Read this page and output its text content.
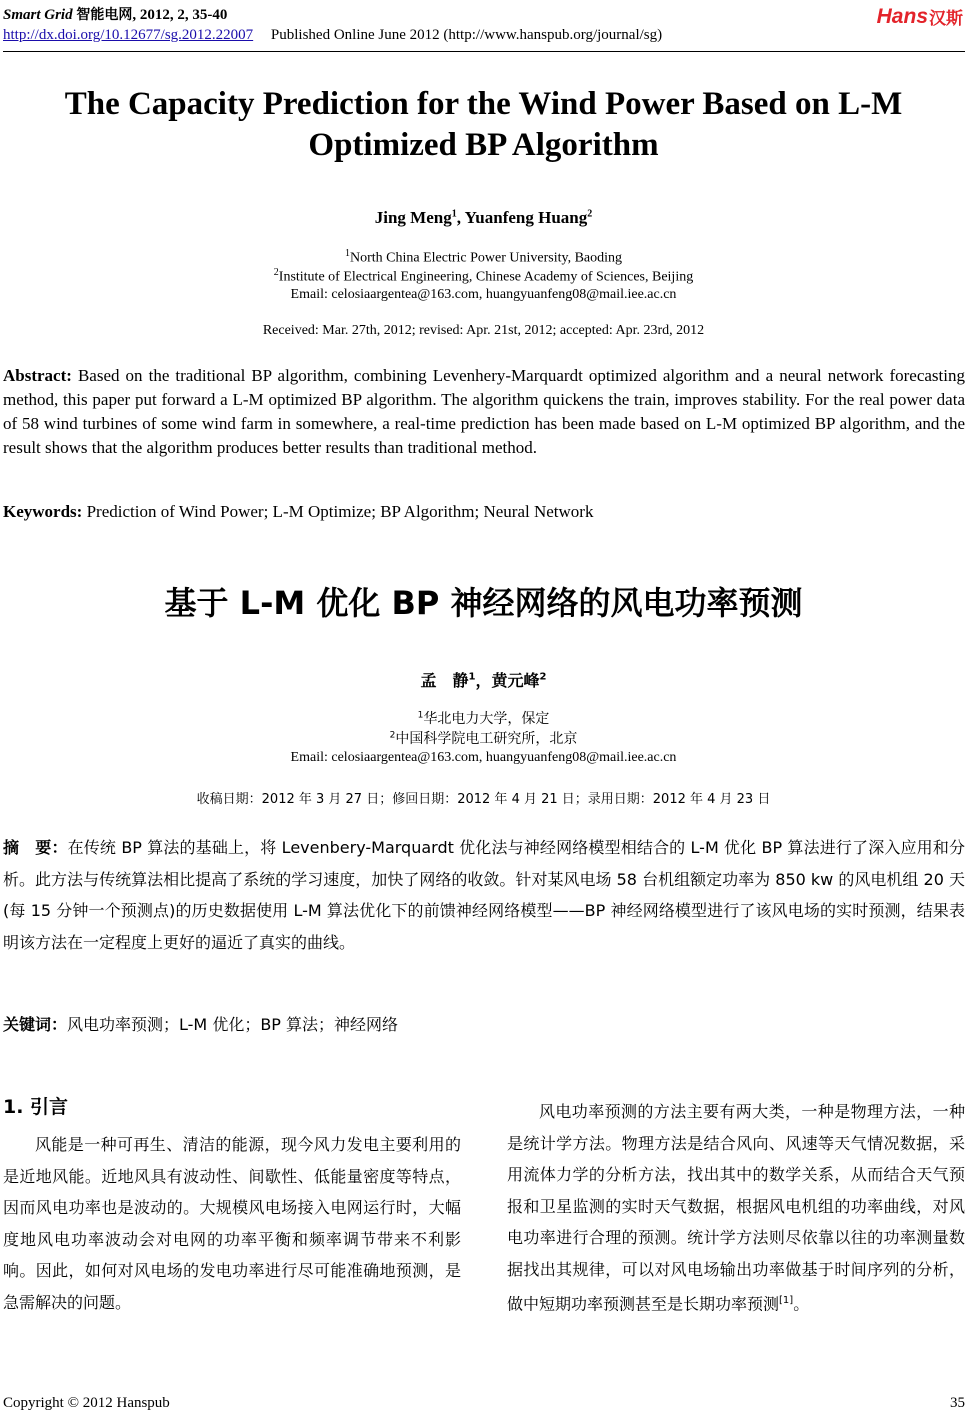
Smart Grid 智能电网, 2012, 2, 35-40
http://dx.doi.org/10.12677/sg.2012.22007 Published Online June 2012 (http://www.hanspub.org/journal/sg)
Hans 汉斯
The Capacity Prediction for the Wind Power Based on L-M Optimized BP Algorithm
Jing Meng$^1$, Yuanfeng Huang$^2$
$^1$North China Electric Power University, Baoding
$^2$Institute of Electrical Engineering, Chinese Academy of Sciences, Beijing
Email: celosiaargentea@163.com, huangyuanfeng08@mail.iee.ac.cn
Received: Mar. 27th, 2012; revised: Apr. 21st, 2012; accepted: Apr. 23rd, 2012
Abstract: Based on the traditional BP algorithm, combining Levenhery-Marquardt optimized algorithm and a neural network forecasting method, this paper put forward a L-M optimized BP algorithm. The algorithm quickens the train, improves stability. For the real power data of 58 wind turbines of some wind farm in somewhere, a real-time prediction has been made based on L-M optimized BP algorithm, and the result shows that the algorithm produces better results than traditional method.
Keywords: Prediction of Wind Power; L-M Optimize; BP Algorithm; Neural Network
基于 L-M 优化 BP 神经网络的风电功率预测
孟　静$^1$，黄元峰$^2$
$^1$华北电力大学，保定
$^2$中国科学院电工研究所，北京
Email: celosiaargentea@163.com, huangyuanfeng08@mail.iee.ac.cn
收稿日期：2012 年 3 月 27 日；修回日期：2012 年 4 月 21 日；录用日期：2012 年 4 月 23 日
摘　要：在传统 BP 算法的基础上，将 Levenbery-Marquardt 优化法与神经网络模型相结合的 L-M 优化 BP 算法进行了深入应用和分析。此方法与传统算法相比提高了系统的学习速度，加快了网络的收敛。针对某风电场 58 台机组额定功率为 850 kw 的风电机组 20 天(每 15 分钟一个预测点)的历史数据使用 L-M 算法优化下的前馈神经网络模型——BP 神经网络模型进行了该风电场的实时预测，结果表明该方法在一定程度上更好的逼近了真实的曲线。
关键词：风电功率预测；L-M 优化；BP 算法；神经网络
1. 引言

风能是一种可再生、清洁的能源，现今风力发电主要利用的是近地风能。近地风具有波动性、间歇性、低能量密度等特点，因而风电功率也是波动的。大规模风电场接入电网运行时，大幅度地风电功率波动会对电网的功率平衡和频率调节带来不利影响。因此，如何对风电场的发电功率进行尽可能准确地预测，是急需解决的问题。

风电功率预测的方法主要有两大类，一种是物理方法，一种是统计学方法。物理方法是结合风向、风速等天气情况数据，采用流体力学的分析方法，找出其中的数学关系，从而结合天气预报和卫星监测的实时天气数据，根据风电机组的功率曲线，对风电功率进行合理的预测。统计学方法则尽依靠以往的功率测量数据找出其规律，可以对风电场输出功率做基于时间序列的分析，做中短期功率预测甚至是长期功率预测[1]。

Copyright © 2012 Hanspub	35
